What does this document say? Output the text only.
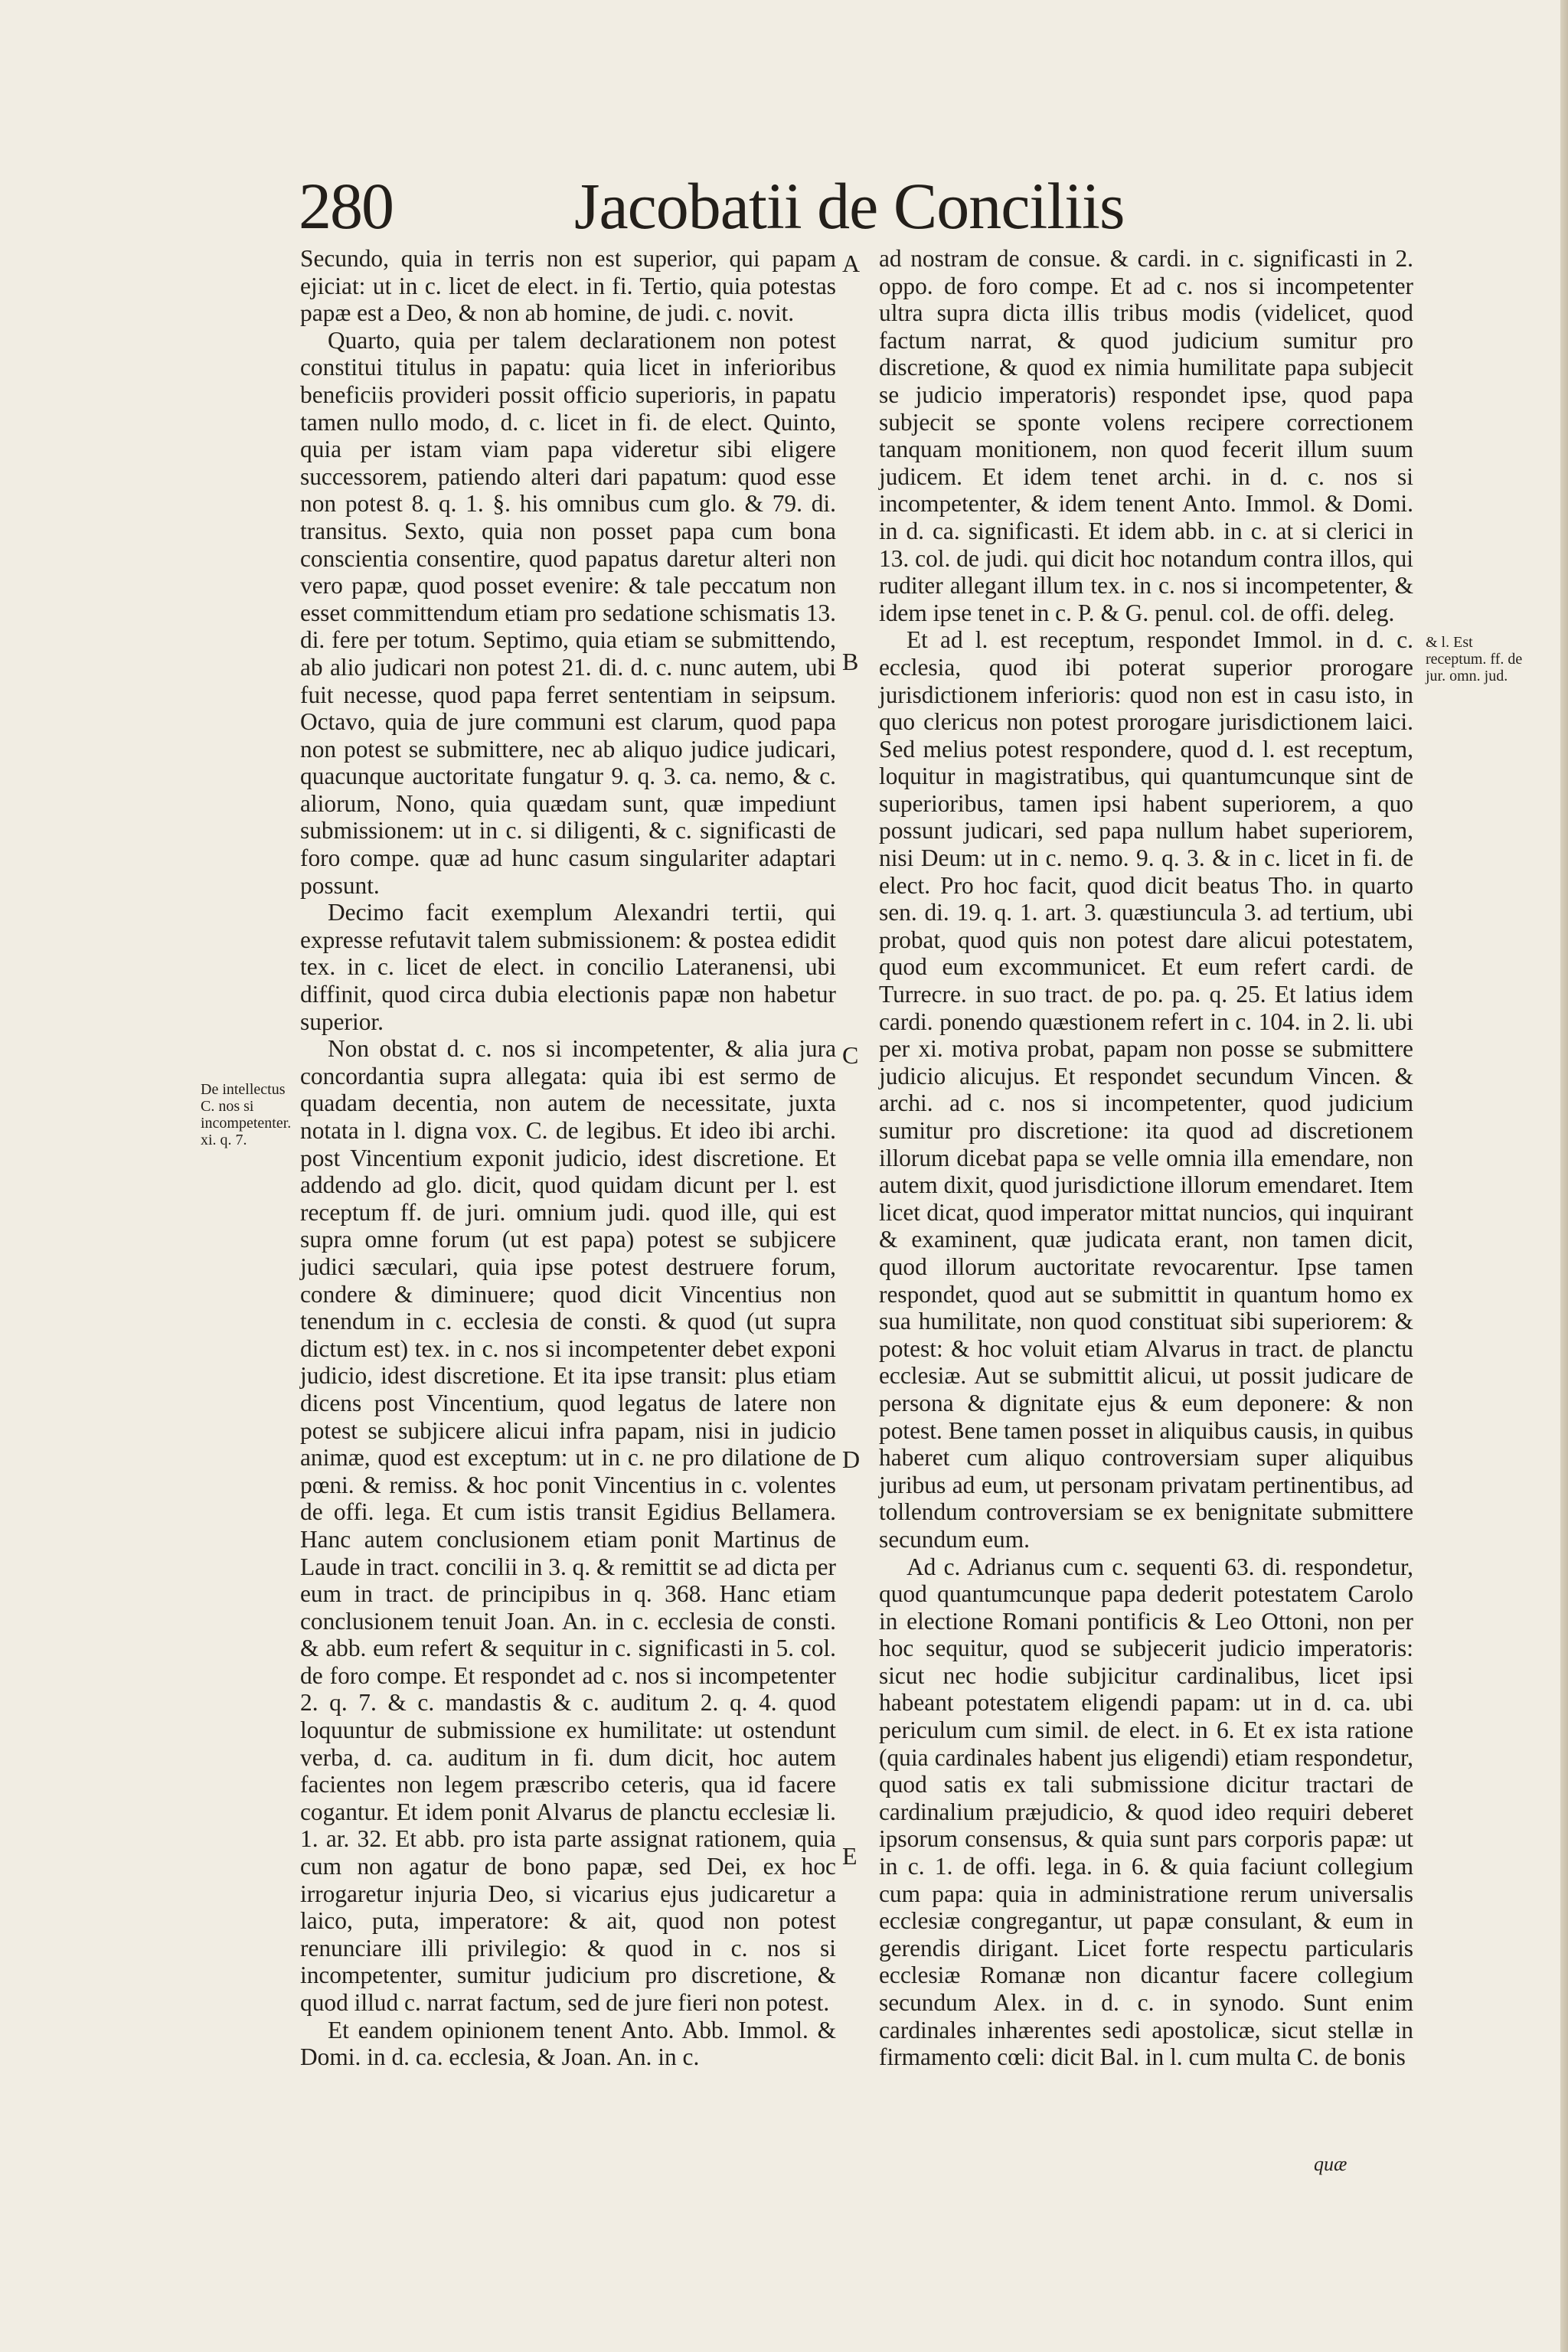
280	Jacobatii de Conciliis

Secundo, quia in terris non est superior, qui papam ejiciat: ut in c. licet de elect. in fi. Tertio, quia potestas papæ est a Deo, & non ab homine, de judi. c. novit.

Quarto, quia per talem declarationem non potest constitui titulus in papatu: quia licet in inferioribus beneficiis provideri possit officio superioris, in papatu tamen nullo modo, d. c. licet in fi. de elect. Quinto, quia per istam viam papa videretur sibi eligere successorem, patiendo alteri dari papatum: quod esse non potest 8. q. 1. §. his omnibus cum glo. & 79. di. transitus. Sexto, quia non posset papa cum bona conscientia consentire, quod papatus daretur alteri non vero papæ, quod posset evenire: & tale peccatum non esset committendum etiam pro sedatione schismatis 13. di. fere per totum. Septimo, quia etiam se submittendo, ab alio judicari non potest 21. di. d. c. nunc autem, ubi fuit necesse, quod papa ferret sententiam in seipsum. Octavo, quia de jure communi est clarum, quod papa non potest se submittere, nec ab aliquo judice judicari, quacunque auctoritate fungatur 9. q. 3. ca. nemo, & c. aliorum, Nono, quia quædam sunt, quæ impediunt submissionem: ut in c. si diligenti, & c. significasti de foro compe. quæ ad hunc casum singulariter adaptari possunt.

Decimo facit exemplum Alexandri tertii, qui expresse refutavit talem submissionem: & postea edidit tex. in c. licet de elect. in concilio Lateranensi, ubi diffinit, quod circa dubia electionis papæ non habetur superior.

Non obstat d. c. nos si incompetenter, & alia jura concordantia supra allegata: quia ibi est sermo de quadam decentia, non autem de necessitate, juxta notata in l. digna vox. C. de legibus. Et ideo ibi archi. post Vincentium exponit judicio, idest discretione. Et addendo ad glo. dicit, quod quidam dicunt per l. est receptum ff. de juri. omnium judi. quod ille, qui est supra omne forum (ut est papa) potest se subjicere judici sæculari, quia ipse potest destruere forum, condere & diminuere; quod dicit Vincentius non tenendum in c. ecclesia de consti. & quod (ut supra dictum est) tex. in c. nos si incompetenter debet exponi judicio, idest discretione. Et ita ipse transit: plus etiam dicens post Vincentium, quod legatus de latere non potest se subjicere alicui infra papam, nisi in judicio animæ, quod est exceptum: ut in c. ne pro dilatione de pœni. & remiss. & hoc ponit Vincentius in c. volentes de offi. lega. Et cum istis transit Egidius Bellamera. Hanc autem conclusionem etiam ponit Martinus de Laude in tract. concilii in 3. q. & remittit se ad dicta per eum in tract. de principibus in q. 368. Hanc etiam conclusionem tenuit Joan. An. in c. ecclesia de consti. & abb. eum refert & sequitur in c. significasti in 5. col. de foro compe. Et respondet ad c. nos si incompetenter 2. q. 7. & c. mandastis & c. auditum 2. q. 4. quod loquuntur de submissione ex humilitate: ut ostendunt verba, d. ca. auditum in fi. dum dicit, hoc autem facientes non legem præscribo ceteris, qua id facere cogantur. Et idem ponit Alvarus de planctu ecclesiæ li. 1. ar. 32. Et abb. pro ista parte assignat rationem, quia cum non agatur de bono papæ, sed Dei, ex hoc irrogaretur injuria Deo, si vicarius ejus judicaretur a laico, puta, imperatore: & ait, quod non potest renunciare illi privilegio: & quod in c. nos si incompetenter, sumitur judicium pro discretione, & quod illud c. narrat factum, sed de jure fieri non potest.

Et eandem opinionem tenent Anto. Abb. Immol. & Domi. in d. ca. ecclesia, & Joan. An. in c.

ad nostram de consue. & cardi. in c. significasti in 2. oppo. de foro compe. Et ad c. nos si incompetenter ultra supra dicta illis tribus modis (videlicet, quod factum narrat, & quod judicium sumitur pro discretione, & quod ex nimia humilitate papa subjecit se judicio imperatoris) respondet ipse, quod papa subjecit se sponte volens recipere correctionem tanquam monitionem, non quod fecerit illum suum judicem. Et idem tenet archi. in d. c. nos si incompetenter, & idem tenent Anto. Immol. & Domi. in d. ca. significasti. Et idem abb. in c. at si clerici in 13. col. de judi. qui dicit hoc notandum contra illos, qui ruditer allegant illum tex. in c. nos si incompetenter, & idem ipse tenet in c. P. & G. penul. col. de offi. deleg.

Et ad l. est receptum, respondet Immol. in d. c. ecclesia, quod ibi poterat superior prorogare jurisdictionem inferioris: quod non est in casu isto, in quo clericus non potest prorogare jurisdictionem laici. Sed melius potest respondere, quod d. l. est receptum, loquitur in magistratibus, qui quantumcunque sint de superioribus, tamen ipsi habent superiorem, a quo possunt judicari, sed papa nullum habet superiorem, nisi Deum: ut in c. nemo. 9. q. 3. & in c. licet in fi. de elect. Pro hoc facit, quod dicit beatus Tho. in quarto sen. di. 19. q. 1. art. 3. quæstiuncula 3. ad tertium, ubi probat, quod quis non potest dare alicui potestatem, quod eum excommunicet. Et eum refert cardi. de Turrecre. in suo tract. de po. pa. q. 25. Et latius idem cardi. ponendo quæstionem refert in c. 104. in 2. li. ubi per xi. motiva probat, papam non posse se submittere judicio alicujus. Et respondet secundum Vincen. & archi. ad c. nos si incompetenter, quod judicium sumitur pro discretione: ita quod ad discretionem illorum dicebat papa se velle omnia illa emendare, non autem dixit, quod jurisdictione illorum emendaret. Item licet dicat, quod imperator mittat nuncios, qui inquirant & examinent, quæ judicata erant, non tamen dicit, quod illorum auctoritate revocarentur. Ipse tamen respondet, quod aut se submittit in quantum homo ex sua humilitate, non quod constituat sibi superiorem: & potest: & hoc voluit etiam Alvarus in tract. de planctu ecclesiæ. Aut se submittit alicui, ut possit judicare de persona & dignitate ejus & eum deponere: & non potest. Bene tamen posset in aliquibus causis, in quibus haberet cum aliquo controversiam super aliquibus juribus ad eum, ut personam privatam pertinentibus, ad tollendum controversiam se ex benignitate submittere secundum eum.

Ad c. Adrianus cum c. sequenti 63. di. respondetur, quod quantumcunque papa dederit potestatem Carolo in electione Romani pontificis & Leo Ottoni, non per hoc sequitur, quod se subjecerit judicio imperatoris: sicut nec hodie subjicitur cardinalibus, licet ipsi habeant potestatem eligendi papam: ut in d. ca. ubi periculum cum simil. de elect. in 6. Et ex ista ratione (quia cardinales habent jus eligendi) etiam respondetur, quod satis ex tali submissione dicitur tractari de cardinalium præjudicio, & quod ideo requiri deberet ipsorum consensus, & quia sunt pars corporis papæ: ut in c. 1. de offi. lega. in 6. & quia faciunt collegium cum papa: quia in administratione rerum universalis ecclesiæ congregantur, ut papæ consulant, & eum in gerendis dirigant. Licet forte respectu particularis ecclesiæ Romanæ non dicantur facere collegium secundum Alex. in d. c. in synodo. Sunt enim cardinales inhærentes sedi apostolicæ, sicut stellæ in firmamento cœli: dicit Bal. in l. cum multa C. de bonis

A
B
C
D
E
De intellectus C. nos si incompetenter. xi. q. 7.
& l. Est receptum. ff. de jur. omn. jud.
quæ
